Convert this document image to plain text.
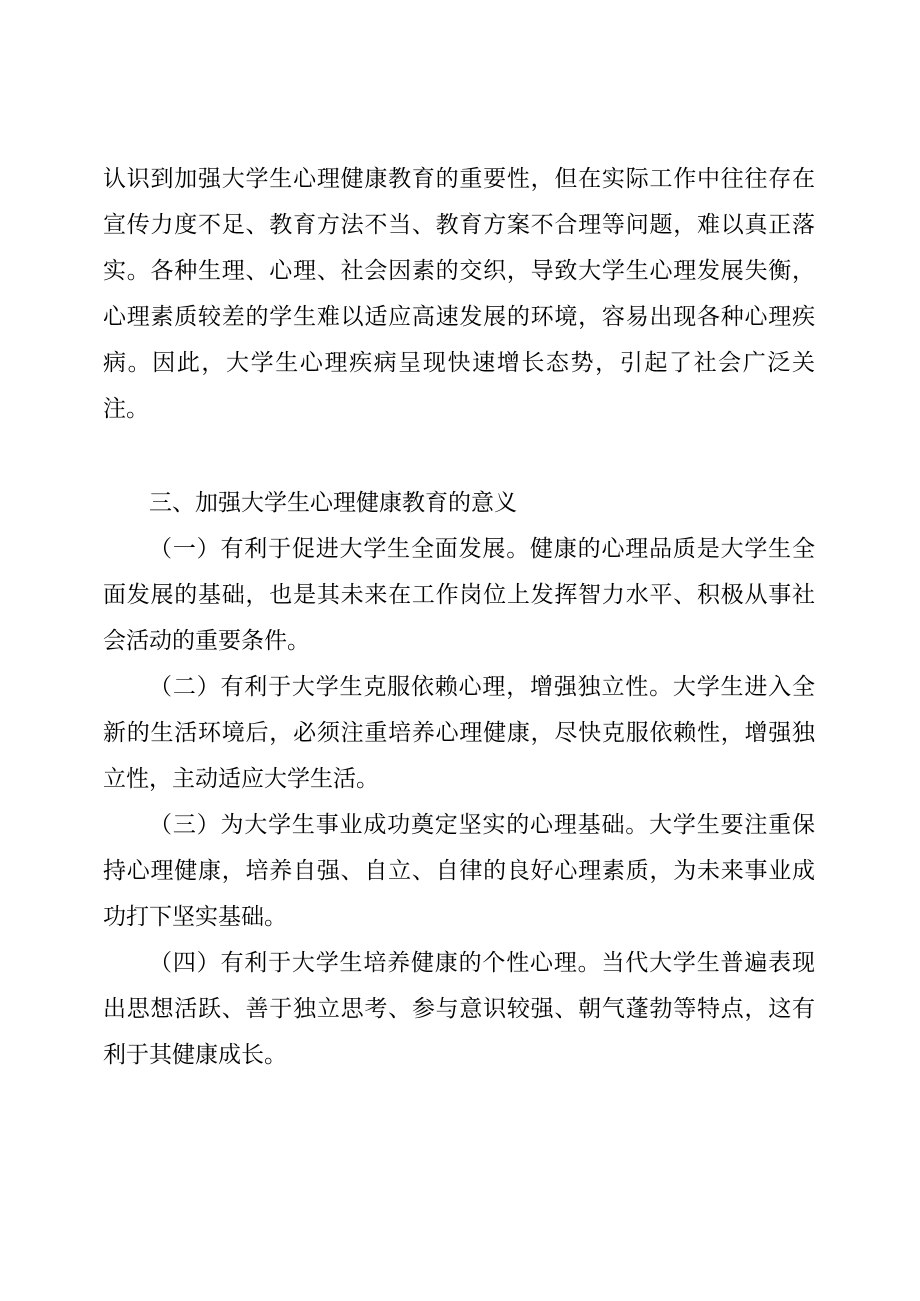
认识到加强大学生心理健康教育的重要性，但在实际工作中往往存在宣传力度不足、教育方法不当、教育方案不合理等问题，难以真正落实。各种生理、心理、社会因素的交织，导致大学生心理发展失衡，心理素质较差的学生难以适应高速发展的环境，容易出现各种心理疾病。因此，大学生心理疾病呈现快速增长态势，引起了社会广泛关注。

三、加强大学生心理健康教育的意义

（一）有利于促进大学生全面发展。健康的心理品质是大学生全面发展的基础，也是其未来在工作岗位上发挥智力水平、积极从事社会活动的重要条件。

（二）有利于大学生克服依赖心理，增强独立性。大学生进入全新的生活环境后，必须注重培养心理健康，尽快克服依赖性，增强独立性，主动适应大学生活。

（三）为大学生事业成功奠定坚实的心理基础。大学生要注重保持心理健康，培养自强、自立、自律的良好心理素质，为未来事业成功打下坚实基础。

（四）有利于大学生培养健康的个性心理。当代大学生普遍表现出思想活跃、善于独立思考、参与意识较强、朝气蓬勃等特点，这有利于其健康成长。
